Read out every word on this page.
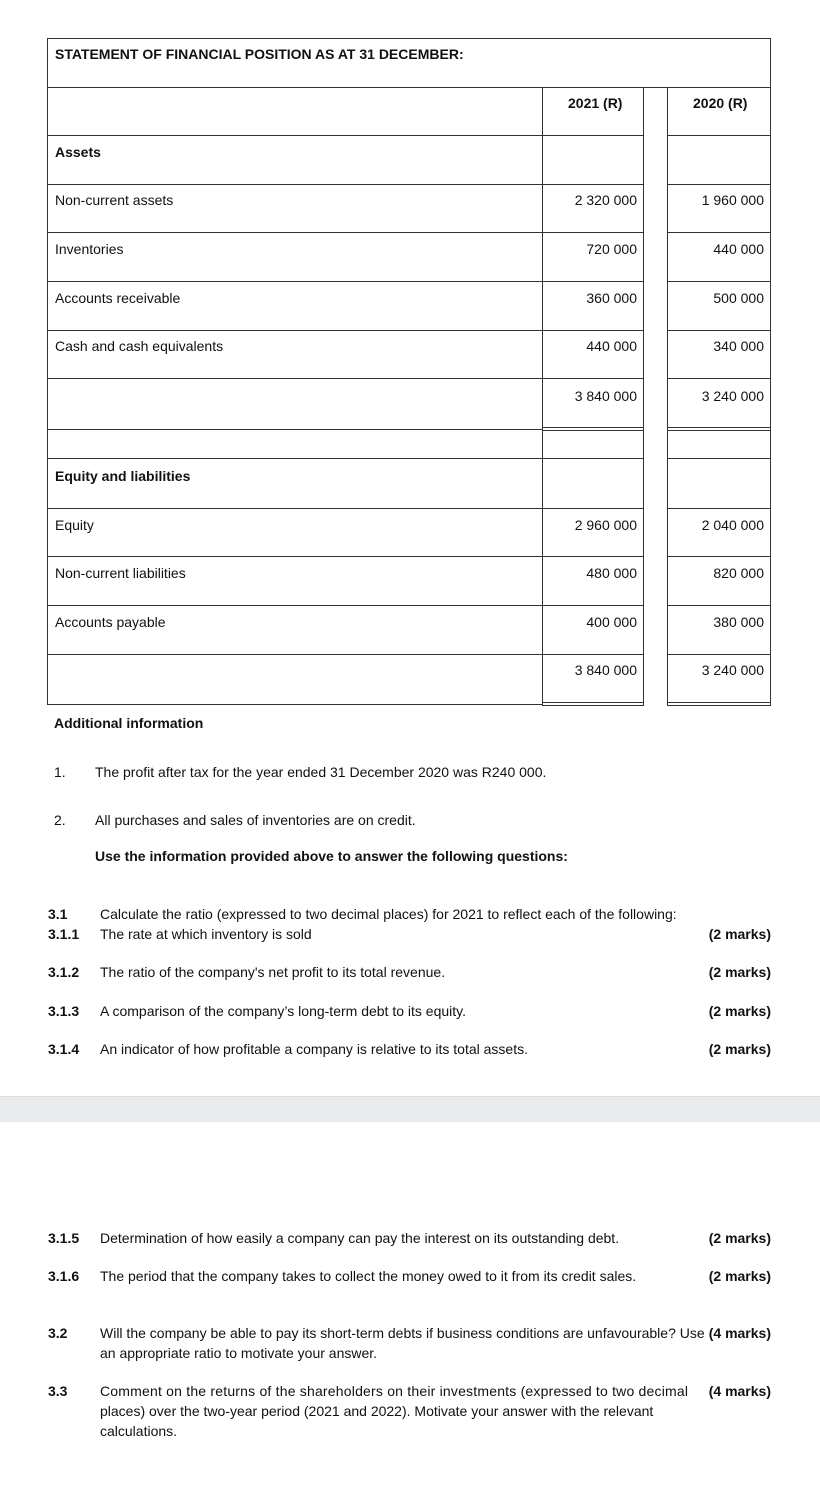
STATEMENT OF FINANCIAL POSITION AS AT 31 DECEMBER:
2021 (R)	2020 (R)
Assets
Non-current assets	2 320 000	1 960 000
Inventories	720 000	440 000
Accounts receivable	360 000	500 000
Cash and cash equivalents	440 000	340 000
3 840 000	3 240 000
Equity and liabilities
Equity	2 960 000	2 040 000
Non-current liabilities	480 000	820 000
Accounts payable	400 000	380 000
3 840 000	3 240 000
Additional information
1. The profit after tax for the year ended 31 December 2020 was R240 000.
2. All purchases and sales of inventories are on credit.
Use the information provided above to answer the following questions:
3.1 Calculate the ratio (expressed to two decimal places) for 2021 to reflect each of the following:
3.1.1 The rate at which inventory is sold	(2 marks)
3.1.2 The ratio of the company's net profit to its total revenue.	(2 marks)
3.1.3 A comparison of the company’s long-term debt to its equity.	(2 marks)
3.1.4 An indicator of how profitable a company is relative to its total assets.	(2 marks)
3.1.5 Determination of how easily a company can pay the interest on its outstanding debt.	(2 marks)
3.1.6 The period that the company takes to collect the money owed to it from its credit sales.	(2 marks)
3.2 Will the company be able to pay its short-term debts if business conditions are unfavourable? Use
an appropriate ratio to motivate your answer.
(4 marks)
3.3 Comment on the returns of the shareholders on their investments (expressed to two decimal
places) over the two-year period (2021 and 2022). Motivate your answer with the relevant
calculations.
(4 marks)
